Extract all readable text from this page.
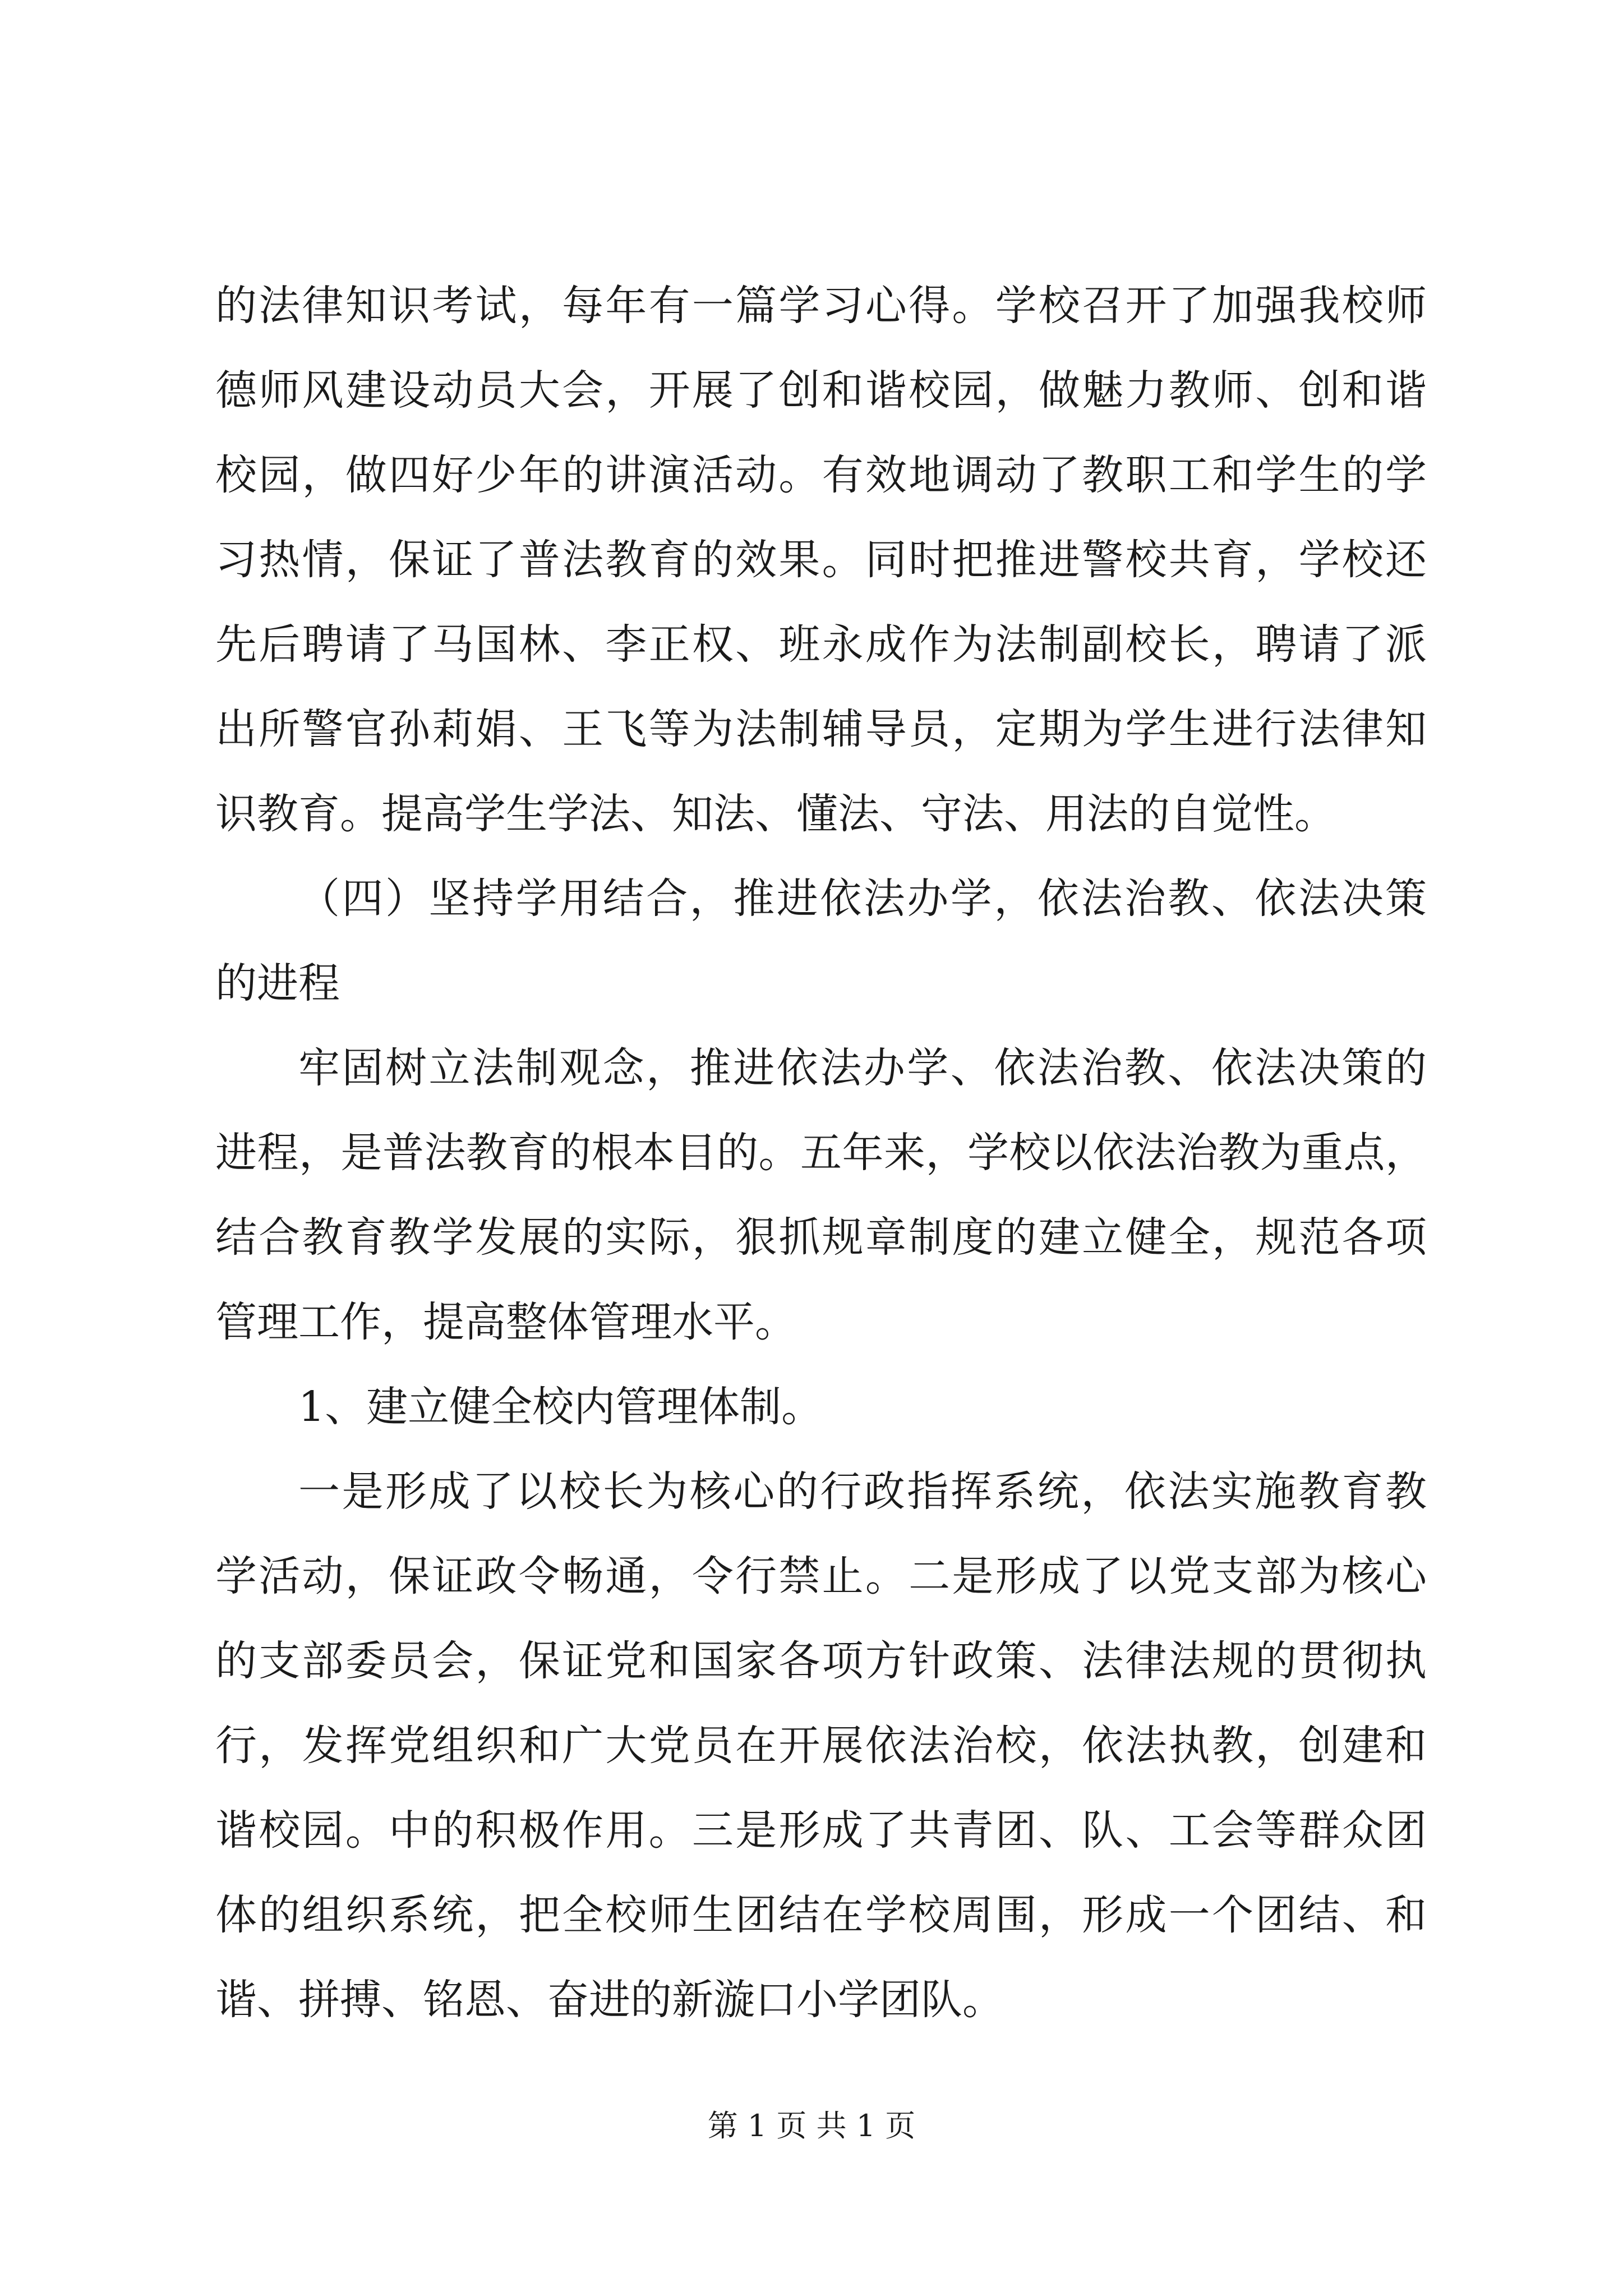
的法律知识考试，每年有一篇学习心得。学校召开了加强我校师
德师风建设动员大会，开展了创和谐校园，做魅力教师、创和谐
校园，做四好少年的讲演活动。有效地调动了教职工和学生的学
习热情，保证了普法教育的效果。同时把推进警校共育，学校还
先后聘请了马国林、李正权、班永成作为法制副校长，聘请了派
出所警官孙莉娟、王飞等为法制辅导员，定期为学生进行法律知
识教育。提高学生学法、知法、懂法、守法、用法的自觉性。
（四）坚持学用结合，推进依法办学，依法治教、依法决策
的进程
牢固树立法制观念，推进依法办学、依法治教、依法决策的
进程，是普法教育的根本目的。五年来，学校以依法治教为重点，
结合教育教学发展的实际，狠抓规章制度的建立健全，规范各项
管理工作，提高整体管理水平。
1、建立健全校内管理体制。
一是形成了以校长为核心的行政指挥系统，依法实施教育教
学活动，保证政令畅通，令行禁止。二是形成了以党支部为核心
的支部委员会，保证党和国家各项方针政策、法律法规的贯彻执
行，发挥党组织和广大党员在开展依法治校，依法执教，创建和
谐校园。中的积极作用。三是形成了共青团、队、工会等群众团
体的组织系统，把全校师生团结在学校周围，形成一个团结、和
谐、拼搏、铭恩、奋进的新漩口小学团队。
第 1 页 共 1 页
